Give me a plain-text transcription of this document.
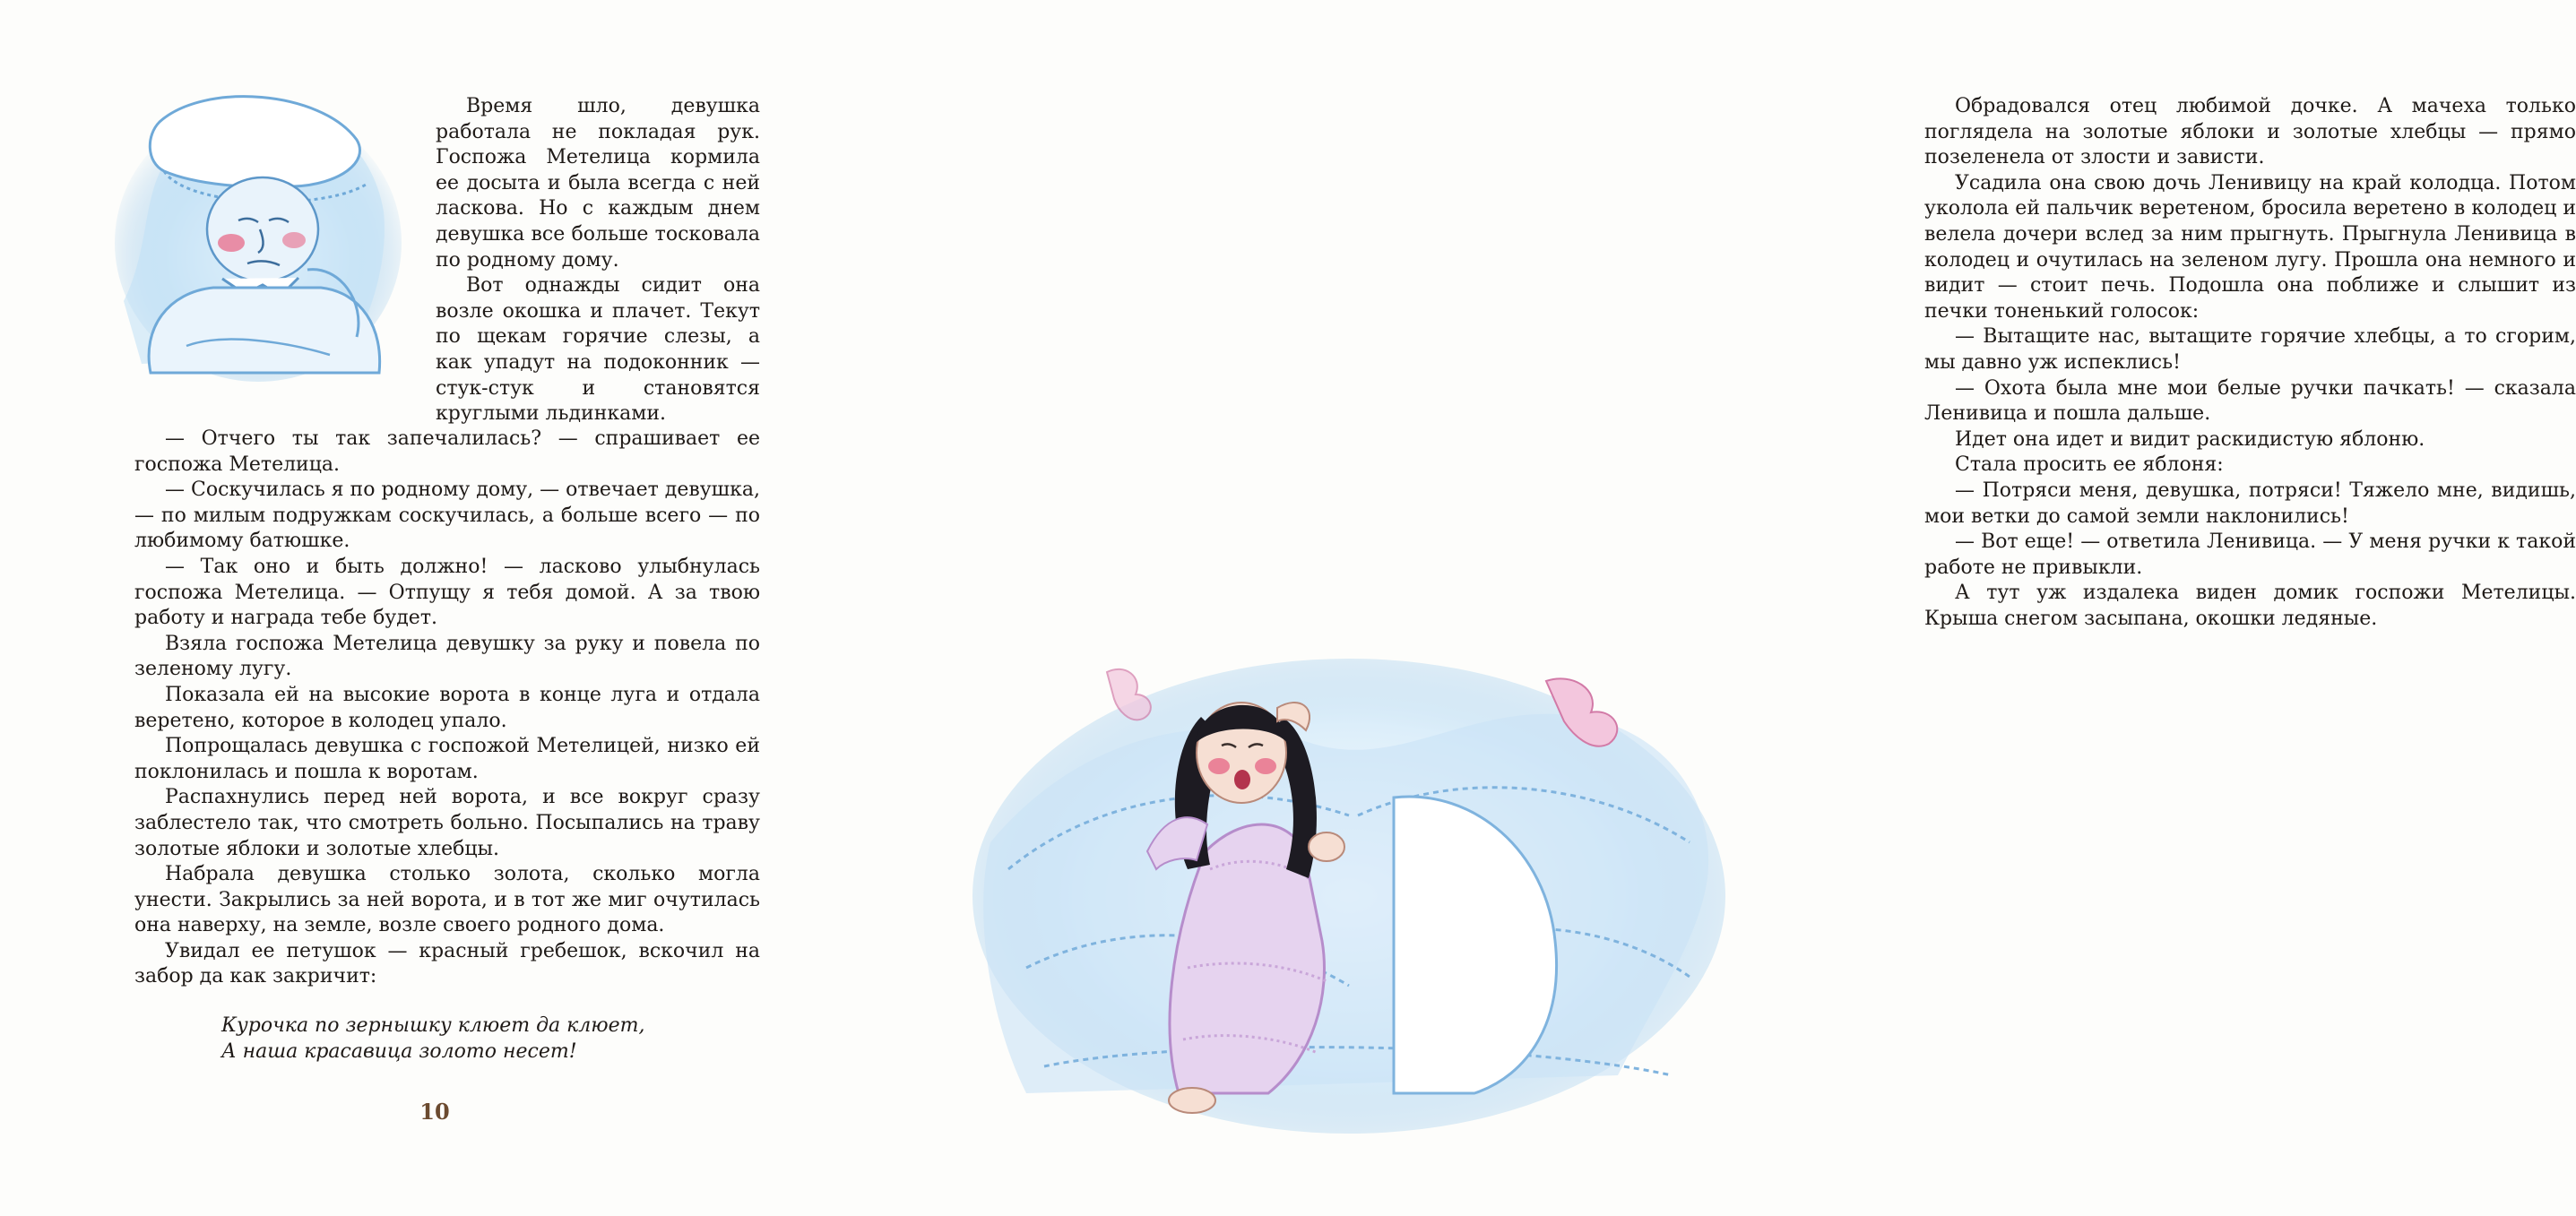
Время шло, девушка работала не покладая рук. Госпожа Метелица кормила ее досыта и была всегда с ней ласкова. Но с каждым днем девушка все больше тосковала по родному дому.

Вот однажды сидит она возле окошка и плачет. Текут по щекам горячие слезы, а как упадут на подоконник — стук-стук и становятся круглыми льдинками.

— Отчего ты так запечалилась? — спрашивает ее госпожа Метелица.

— Соскучилась я по родному дому, — отвечает девушка, — по милым подружкам соскучилась, а больше всего — по любимому батюшке.

— Так оно и быть должно! — ласково улыбнулась госпожа Метелица. — Отпущу я тебя домой. А за твою работу и награда тебе будет.

Взяла госпожа Метелица девушку за руку и повела по зеленому лугу.

Показала ей на высокие ворота в конце луга и отдала веретено, которое в колодец упало.

Попрощалась девушка с госпожой Метелицей, низко ей поклонилась и пошла к воротам.

Распахнулись перед ней ворота, и все вокруг сразу заблестело так, что смотреть больно. Посыпались на траву золотые яблоки и золотые хлебцы.

Набрала девушка столько золота, сколько могла унести. Закрылись за ней ворота, и в тот же миг очутилась она наверху, на земле, возле своего родного дома.

Увидал ее петушок — красный гребешок, вскочил на забор да как закричит:

Курочка по зернышку клюет да клюет,
А наша красавица золото несет!
10

Обрадовался отец любимой дочке. А мачеха только поглядела на золотые яблоки и золотые хлебцы — прямо позеленела от злости и зависти.

Усадила она свою дочь Ленивицу на край колодца. Потом уколола ей пальчик веретеном, бросила веретено в колодец и велела дочери вслед за ним прыгнуть. Прыгнула Ленивица в колодец и очутилась на зеленом лугу. Прошла она немного и видит — стоит печь. Подошла она поближе и слышит из печки тоненький голосок:

— Вытащите нас, вытащите горячие хлебцы, а то сгорим, мы давно уж испеклись!

— Охота была мне мои белые ручки пачкать! — сказала Ленивица и пошла дальше.

Идет она идет и видит раскидистую яблоню.

Стала просить ее яблоня:

— Потряси меня, девушка, потряси! Тяжело мне, видишь, мои ветки до самой земли наклонились!

— Вот еще! — ответила Ленивица. — У меня ручки к такой работе не привыкли.

А тут уж издалека виден домик госпожи Метелицы. Крыша снегом засыпана, окошки ледяные.
